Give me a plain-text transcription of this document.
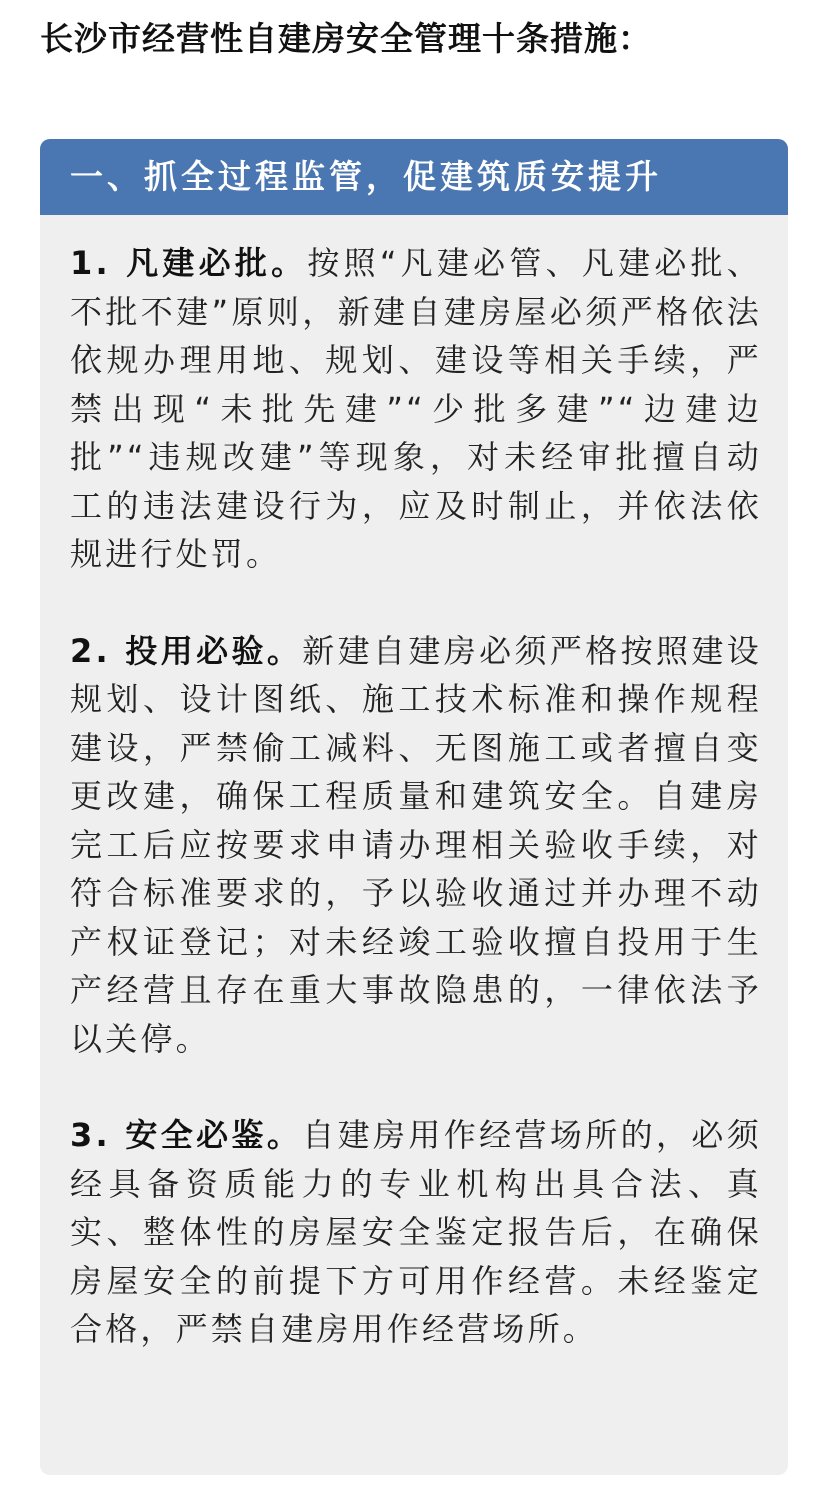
长沙市经营性自建房安全管理十条措施：
一、抓全过程监管，促建筑质安提升

1. 凡建必批。按照“凡建必管、凡建必批、不批不建”原则，新建自建房屋必须严格依法依规办理用地、规划、建设等相关手续，严禁出现“未批先建”“少批多建”“边建边批”“违规改建”等现象，对未经审批擅自动工的违法建设行为，应及时制止，并依法依规进行处罚。

2. 投用必验。新建自建房必须严格按照建设规划、设计图纸、施工技术标准和操作规程建设，严禁偷工减料、无图施工或者擅自变更改建，确保工程质量和建筑安全。自建房完工后应按要求申请办理相关验收手续，对符合标准要求的，予以验收通过并办理不动产权证登记；对未经竣工验收擅自投用于生产经营且存在重大事故隐患的，一律依法予以关停。

3. 安全必鉴。自建房用作经营场所的，必须经具备资质能力的专业机构出具合法、真实、整体性的房屋安全鉴定报告后，在确保房屋安全的前提下方可用作经营。未经鉴定合格，严禁自建房用作经营场所。
